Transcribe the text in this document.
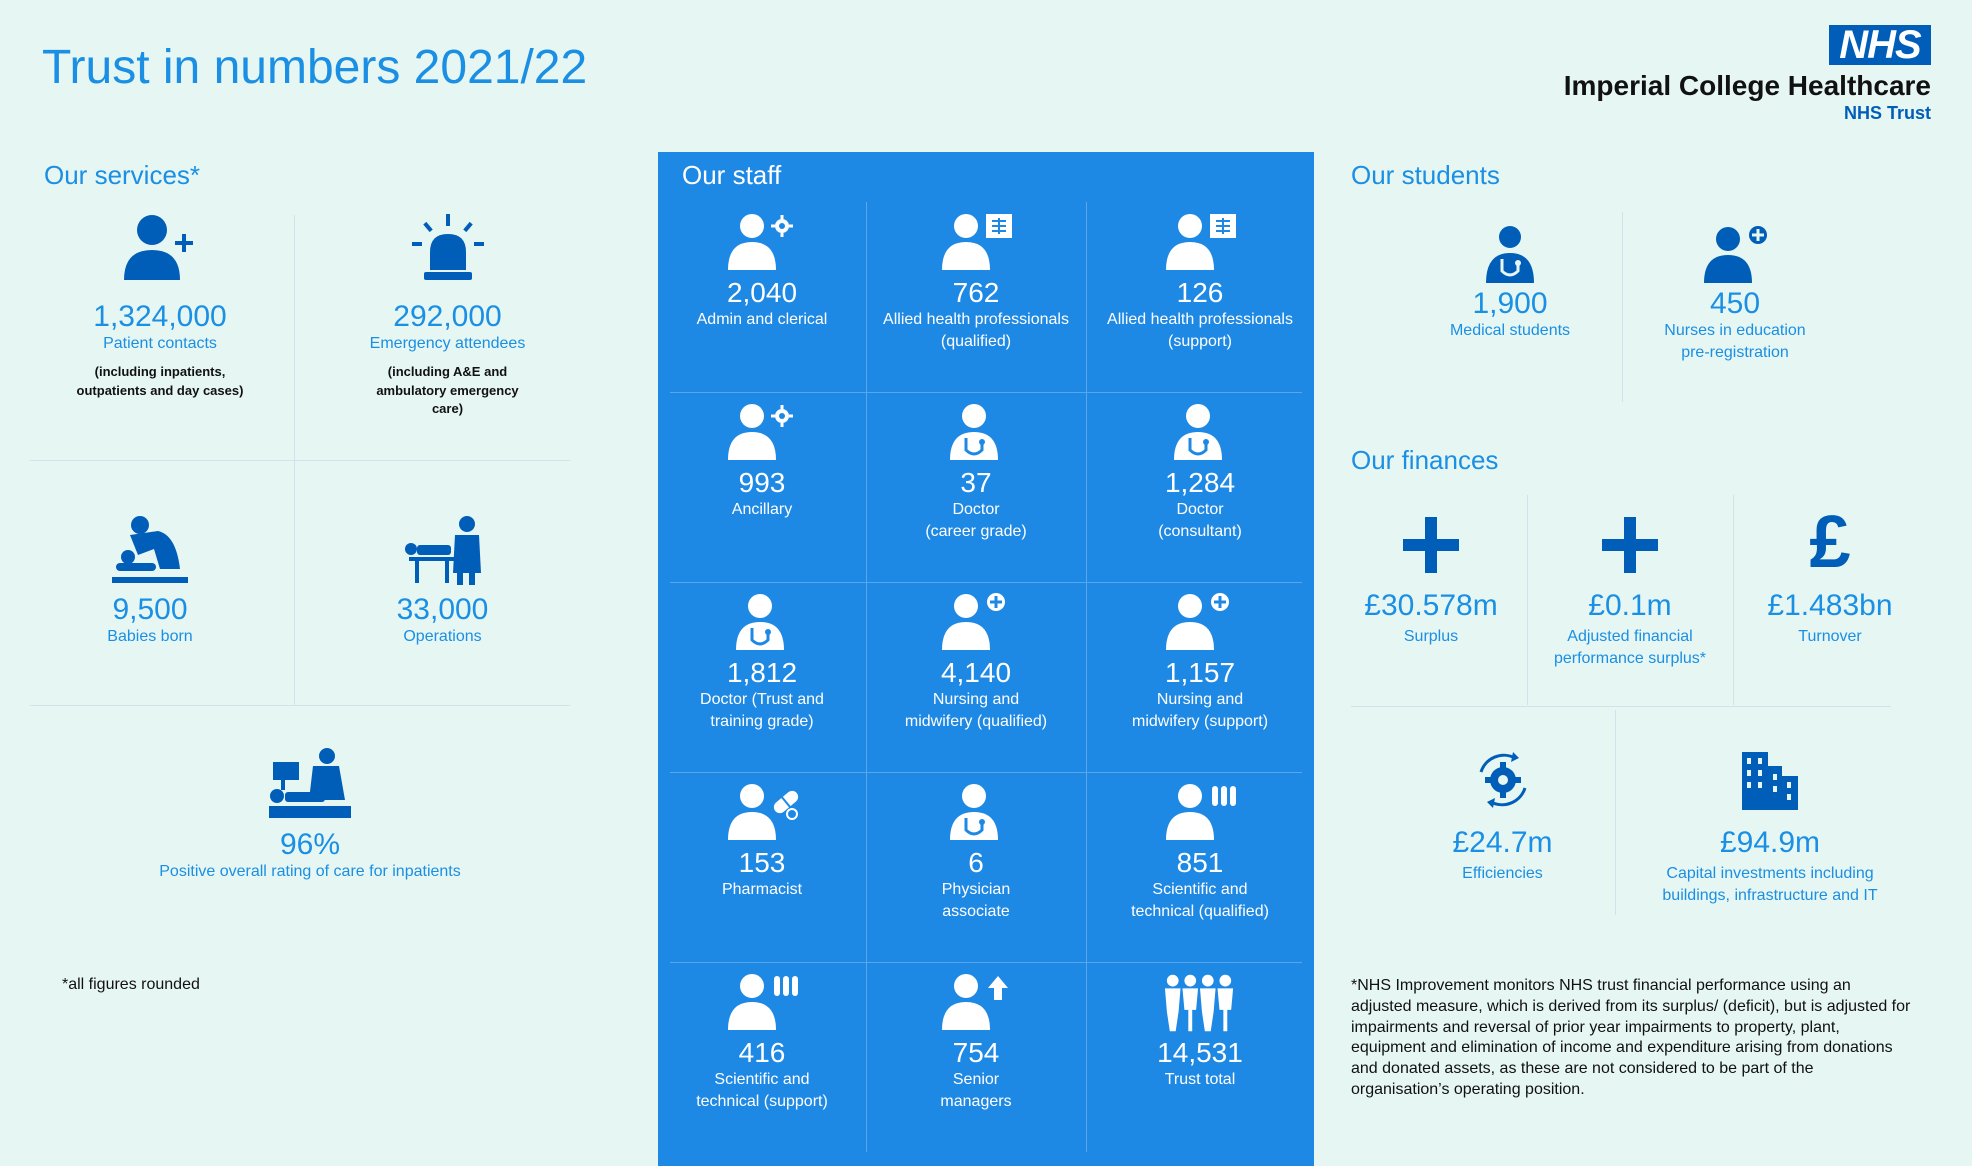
Trust in numbers 2021/22	NHS
Imperial College Healthcare
NHS Trust
Our services*
1,324,000
Patient contacts
(including inpatients, outpatients and day cases)
292,000
Emergency attendees
(including A&E and ambulatory emergency care)
9,500
Babies born
33,000
Operations
96%
Positive overall rating of care for inpatients
*all figures rounded
Our staff
2,040
Admin and clerical
762
Allied health professionals
(qualified)
126
Allied health professionals
(support)
993
Ancillary
37
Doctor
(career grade)
1,284
Doctor
(consultant)
1,812
Doctor (Trust and
training grade)
4,140
Nursing and
midwifery (qualified)
1,157
Nursing and
midwifery (support)
153
Pharmacist
6
Physician
associate
851
Scientific and
technical (qualified)
416
Scientific and
technical (support)
754
Senior
managers
14,531
Trust total
Our students
1,900
Medical students
450
Nurses in education
pre-registration
Our finances
£30.578m
Surplus
£0.1m
Adjusted financial
performance surplus*
£
£1.483bn
Turnover
£24.7m
Efficiencies
£94.9m
Capital investments including
buildings, infrastructure and IT
*NHS Improvement monitors NHS trust financial performance using an adjusted measure, which is derived from its surplus/ (deficit), but is adjusted for impairments and reversal of prior year impairments to property, plant, equipment and elimination of income and expenditure arising from donations and donated assets, as these are not considered to be part of the organisation’s operating position.
